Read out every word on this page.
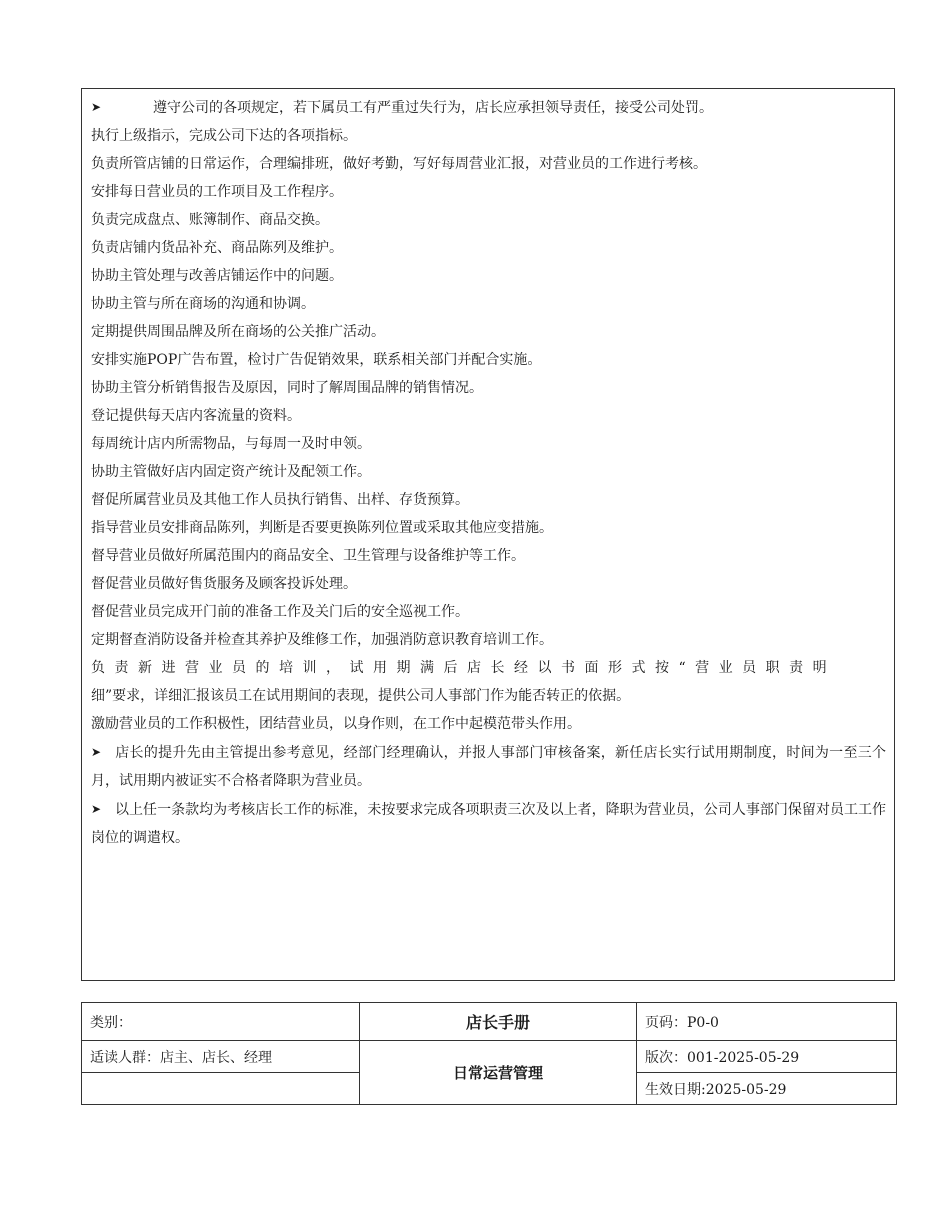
➤	遵守公司的各项规定，若下属员工有严重过失行为，店长应承担领导责任，接受公司处罚。

执行上级指示，完成公司下达的各项指标。

负责所管店铺的日常运作，合理编排班，做好考勤，写好每周营业汇报，对营业员的工作进行考核。

安排每日营业员的工作项目及工作程序。

负责完成盘点、账簿制作、商品交换。

负责店铺内货品补充、商品陈列及维护。

协助主管处理与改善店铺运作中的问题。

协助主管与所在商场的沟通和协调。

定期提供周围品牌及所在商场的公关推广活动。

安排实施POP广告布置，检讨广告促销效果，联系相关部门并配合实施。

协助主管分析销售报告及原因，同时了解周围品牌的销售情况。

登记提供每天店内客流量的资料。

每周统计店内所需物品，与每周一及时申领。

协助主管做好店内固定资产统计及配领工作。

督促所属营业员及其他工作人员执行销售、出样、存货预算。

指导营业员安排商品陈列，判断是否要更换陈列位置或采取其他应变措施。

督导营业员做好所属范围内的商品安全、卫生管理与设备维护等工作。

督促营业员做好售货服务及顾客投诉处理。

督促营业员完成开门前的准备工作及关门后的安全巡视工作。

定期督查消防设备并检查其养护及维修工作，加强消防意识教育培训工作。

负责新进营业员的培训，试用期满后店长经以书面形式按“营业员职责明
细”要求，详细汇报该员工在试用期间的表现，提供公司人事部门作为能否转正的依据。

激励营业员的工作积极性，团结营业员，以身作则，在工作中起模范带头作用。

➤ 店长的提升先由主管提出参考意见，经部门经理确认，并报人事部门审核备案，新任店长实行试用期制度，时间为一至三个月，试用期内被证实不合格者降职为营业员。

➤ 以上任一条款均为考核店长工作的标准，未按要求完成各项职责三次及以上者，降职为营业员，公司人事部门保留对员工工作岗位的调遣权。

类别：	店长手册	页码：P0-0
适读人群：店主、店长、经理	日常运营管理	版次：001-2025-05-29
		生效日期:2025-05-29
